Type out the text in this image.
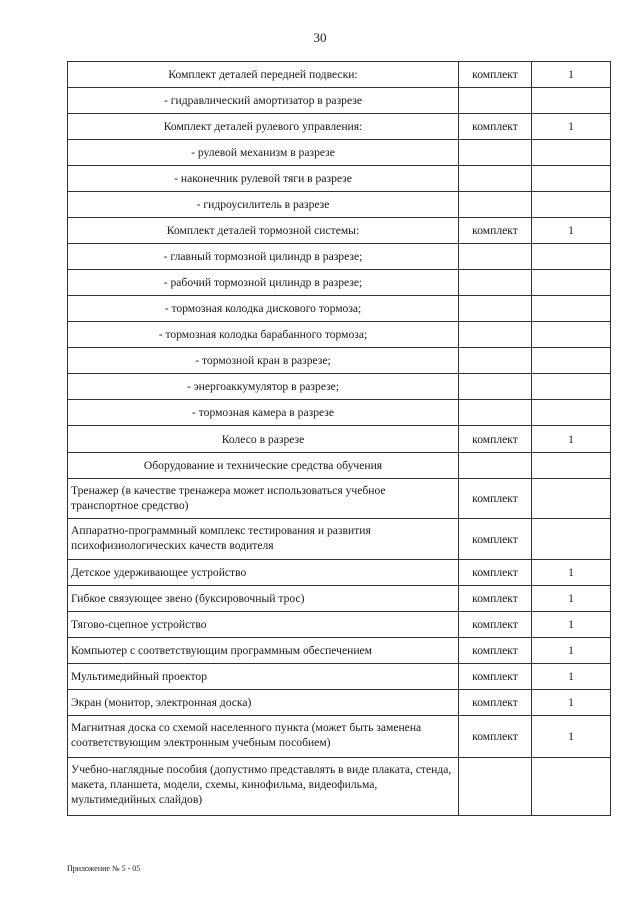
30
Комплект деталей передней подвески:	комплект	1
- гидравлический амортизатор в разрезе		
Комплект деталей рулевого управления:	комплект	1
- рулевой механизм в разрезе		
- наконечник рулевой тяги в разрезе		
- гидроусилитель в разрезе		
Комплект деталей тормозной системы:	комплект	1
- главный тормозной цилиндр в разрезе;		
- рабочий тормозной цилиндр в разрезе;		
- тормозная колодка дискового тормоза;		
- тормозная колодка барабанного тормоза;		
- тормозной кран в разрезе;		
- энергоаккумулятор в разрезе;		
- тормозная камера в разрезе		
Колесо в разрезе	комплект	1
Оборудование и технические средства обучения		
Тренажер (в качестве тренажера может использоваться учебное транспортное средство)	комплект	
Аппаратно-программный комплекс тестирования и развития психофизиологических качеств водителя	комплект	
Детское удерживающее устройство	комплект	1
Гибкое связующее звено (буксировочный трос)	комплект	1
Тягово-сцепное устройство	комплект	1
Компьютер с соответствующим программным обеспечением	комплект	1
Мультимедийный проектор	комплект	1
Экран (монитор, электронная доска)	комплект	1
Магнитная доска со схемой населенного пункта (может быть заменена соответствующим электронным учебным пособием)	комплект	1
Учебно-наглядные пособия (допустимо представлять в виде плаката, стенда, макета, планшета, модели, схемы, кинофильма, видеофильма, мультимедийных слайдов)		
Приложение № 5 - 05
